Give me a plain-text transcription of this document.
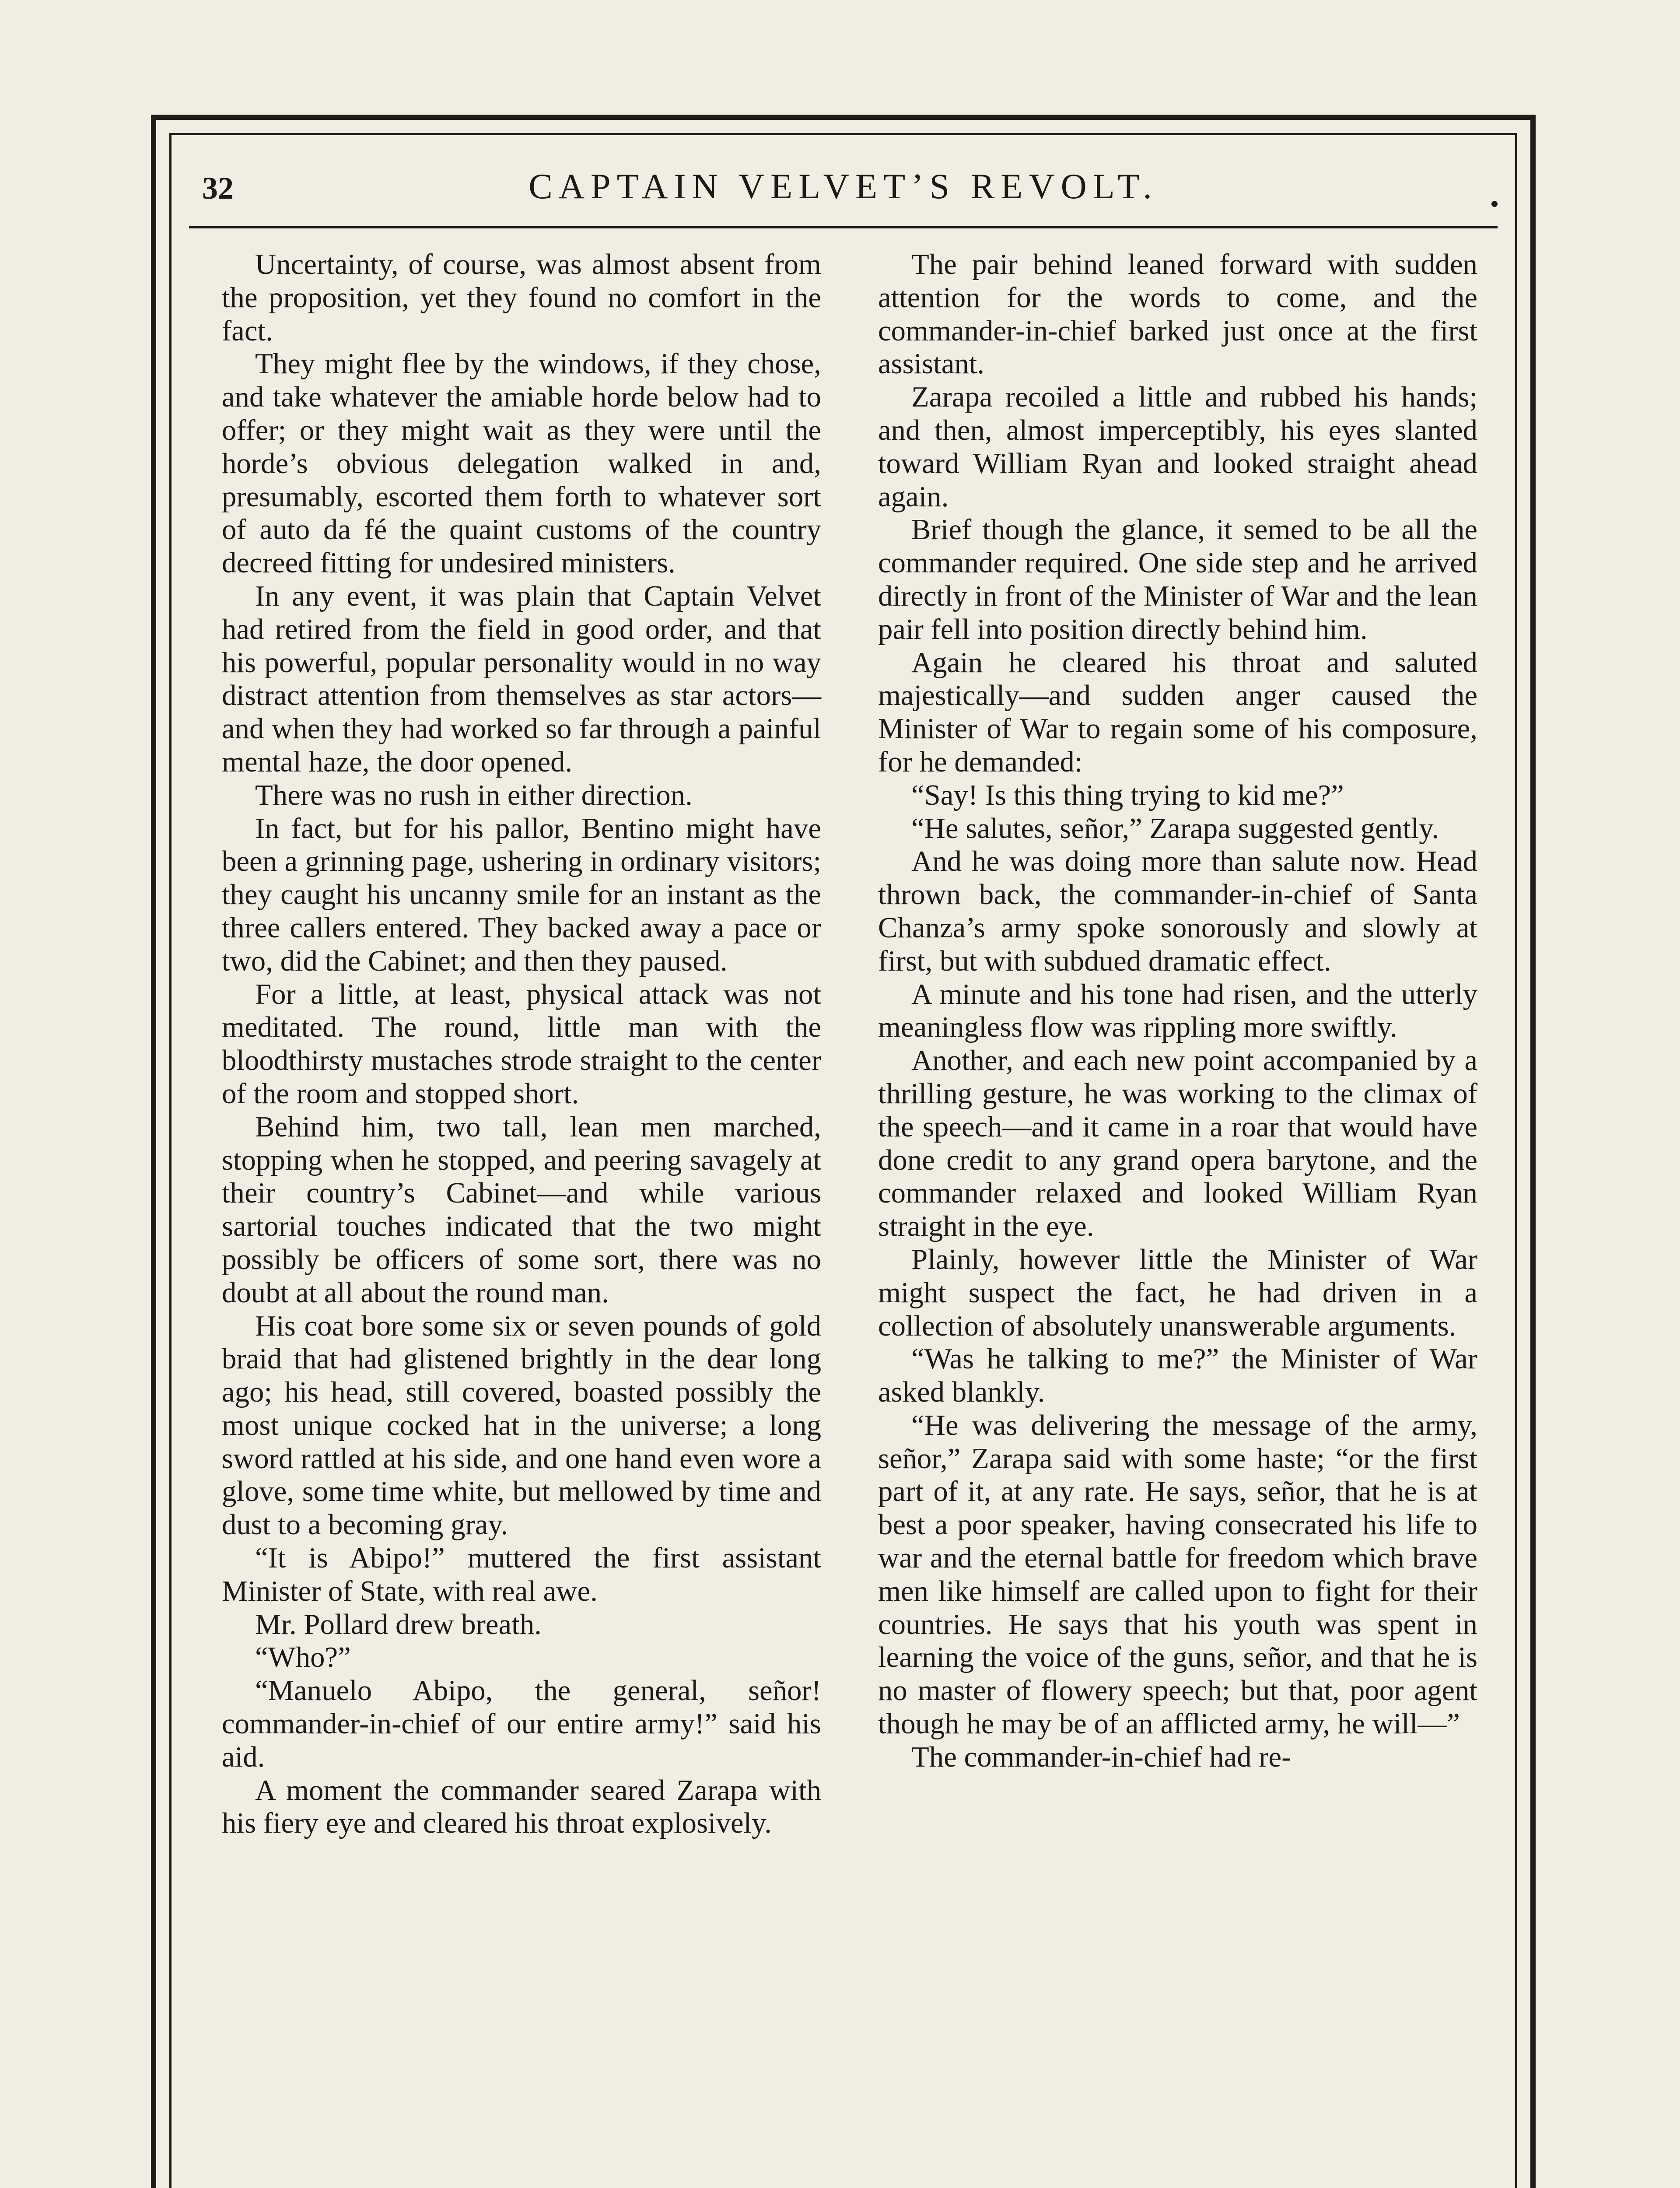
32	CAPTAIN VELVET’S REVOLT.

Uncertainty, of course, was almost absent from the proposition, yet they found no comfort in the fact.

They might flee by the windows, if they chose, and take whatever the amiable horde below had to offer; or they might wait as they were until the horde’s obvious delegation walked in and, presumably, escorted them forth to whatever sort of auto da fé the quaint customs of the country decreed fitting for undesired ministers.

In any event, it was plain that Captain Velvet had retired from the field in good order, and that his powerful, popular personality would in no way distract attention from themselves as star actors—and when they had worked so far through a painful mental haze, the door opened.

There was no rush in either direction.

In fact, but for his pallor, Bentino might have been a grinning page, ushering in ordinary visitors; they caught his uncanny smile for an instant as the three callers entered. They backed away a pace or two, did the Cabinet; and then they paused.

For a little, at least, physical attack was not meditated. The round, little man with the bloodthirsty mustaches strode straight to the center of the room and stopped short.

Behind him, two tall, lean men marched, stopping when he stopped, and peering savagely at their country’s Cabinet—and while various sartorial touches indicated that the two might possibly be officers of some sort, there was no doubt at all about the round man.

His coat bore some six or seven pounds of gold braid that had glistened brightly in the dear long ago; his head, still covered, boasted possibly the most unique cocked hat in the universe; a long sword rattled at his side, and one hand even wore a glove, some time white, but mellowed by time and dust to a becoming gray.

“It is Abipo!” muttered the first assistant Minister of State, with real awe.

Mr. Pollard drew breath.

“Who?”

“Manuelo Abipo, the general, señor! commander-in-chief of our entire army!” said his aid.

A moment the commander seared Zarapa with his fiery eye and cleared his throat explosively.

The pair behind leaned forward with sudden attention for the words to come, and the commander-in-chief barked just once at the first assistant.

Zarapa recoiled a little and rubbed his hands; and then, almost imperceptibly, his eyes slanted toward William Ryan and looked straight ahead again.

Brief though the glance, it semed to be all the commander required. One side step and he arrived directly in front of the Minister of War and the lean pair fell into position directly behind him.

Again he cleared his throat and saluted majestically—and sudden anger caused the Minister of War to regain some of his composure, for he demanded:

“Say! Is this thing trying to kid me?”

“He salutes, señor,” Zarapa suggested gently.

And he was doing more than salute now. Head thrown back, the commander-in-chief of Santa Chanza’s army spoke sonorously and slowly at first, but with subdued dramatic effect.

A minute and his tone had risen, and the utterly meaningless flow was rippling more swiftly.

Another, and each new point accompanied by a thrilling gesture, he was working to the climax of the speech—and it came in a roar that would have done credit to any grand opera barytone, and the commander relaxed and looked William Ryan straight in the eye.

Plainly, however little the Minister of War might suspect the fact, he had driven in a collection of absolutely unanswerable arguments.

“Was he talking to me?” the Minister of War asked blankly.

“He was delivering the message of the army, señor,” Zarapa said with some haste; “or the first part of it, at any rate. He says, señor, that he is at best a poor speaker, having consecrated his life to war and the eternal battle for freedom which brave men like himself are called upon to fight for their countries. He says that his youth was spent in learning the voice of the guns, señor, and that he is no master of flowery speech; but that, poor agent though he may be of an afflicted army, he will—”

The commander-in-chief had re-
